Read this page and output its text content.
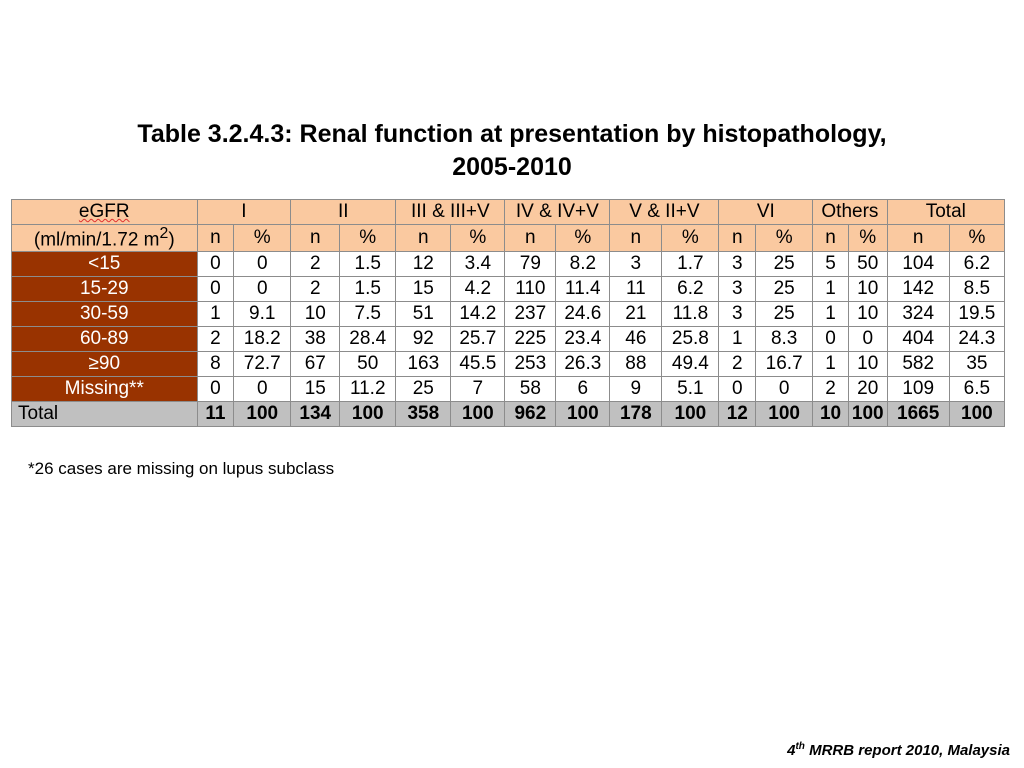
Table 3.2.4.3: Renal function at presentation by histopathology,
2005-2010
eGFR	I		II		III & III+V		IV & IV+V		V & II+V		VI		Others		Total	
(ml/min/1.72 $m^2$)	n	%	n	%	n	%	n	%	n	%	n	%	n	%	n	%
<15	0	0	2	1.5	12	3.4	79	8.2	3	1.7	3	25	5	50	104	6.2
15-29	0	0	2	1.5	15	4.2	110	11.4	11	6.2	3	25	1	10	142	8.5
30-59	1	9.1	10	7.5	51	14.2	237	24.6	21	11.8	3	25	1	10	324	19.5
60-89	2	18.2	38	28.4	92	25.7	225	23.4	46	25.8	1	8.3	0	0	404	24.3
≥90	8	72.7	67	50	163	45.5	253	26.3	88	49.4	2	16.7	1	10	582	35
Missing**	0	0	15	11.2	25	7	58	6	9	5.1	0	0	2	20	109	6.5
Total	11	100	134	100	358	100	962	100	178	100	12	100	10	100	1665	100
*26 cases are missing on lupus subclass
4th MRRB report 2010, Malaysia
